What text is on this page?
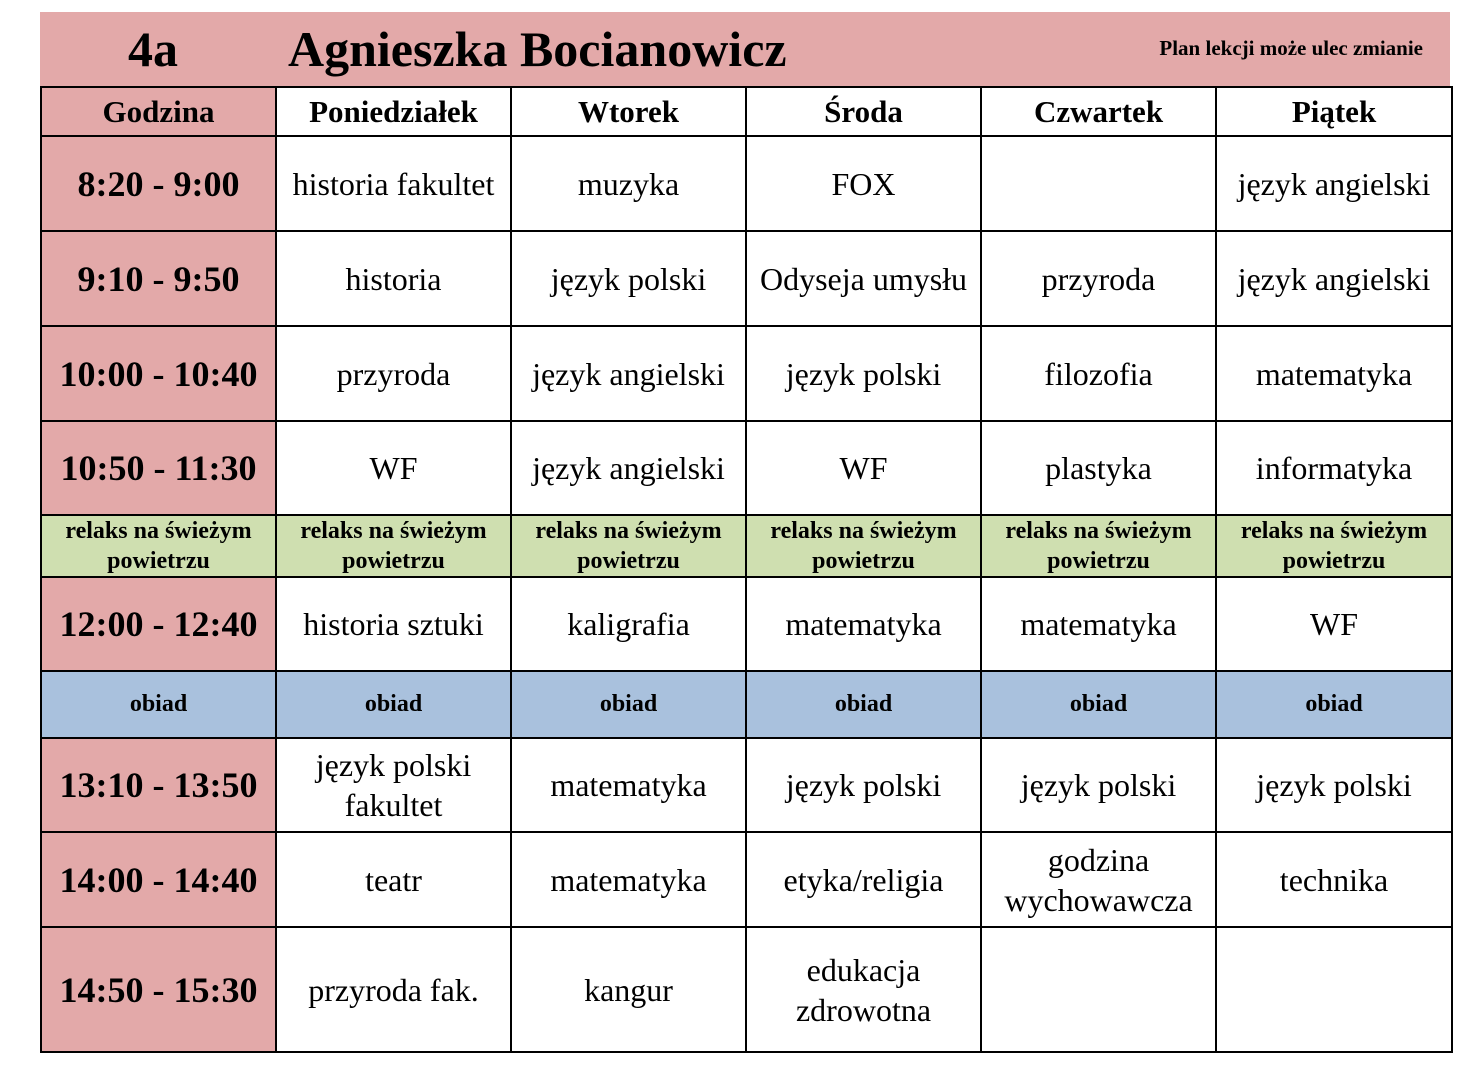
4a Agnieszka Bocianowicz	Plan lekcji może ulec zmianie
Godzina	Poniedziałek	Wtorek	Środa	Czwartek	Piątek
8:20 - 9:00	historia fakultet	muzyka	FOX		język angielski
9:10 - 9:50	historia	język polski	Odyseja umysłu	przyroda	język angielski
10:00 - 10:40	przyroda	język angielski	język polski	filozofia	matematyka
10:50 - 11:30	WF	język angielski	WF	plastyka	informatyka
relaks na świeżym powietrzu	relaks na świeżym powietrzu	relaks na świeżym powietrzu	relaks na świeżym powietrzu	relaks na świeżym powietrzu	relaks na świeżym powietrzu
12:00 - 12:40	historia sztuki	kaligrafia	matematyka	matematyka	WF
obiad	obiad	obiad	obiad	obiad	obiad
13:10 - 13:50	język polski fakultet	matematyka	język polski	język polski	język polski
14:00 - 14:40	teatr	matematyka	etyka/religia	godzina wychowawcza	technika
14:50 - 15:30	przyroda fak.	kangur	edukacja zdrowotna		
